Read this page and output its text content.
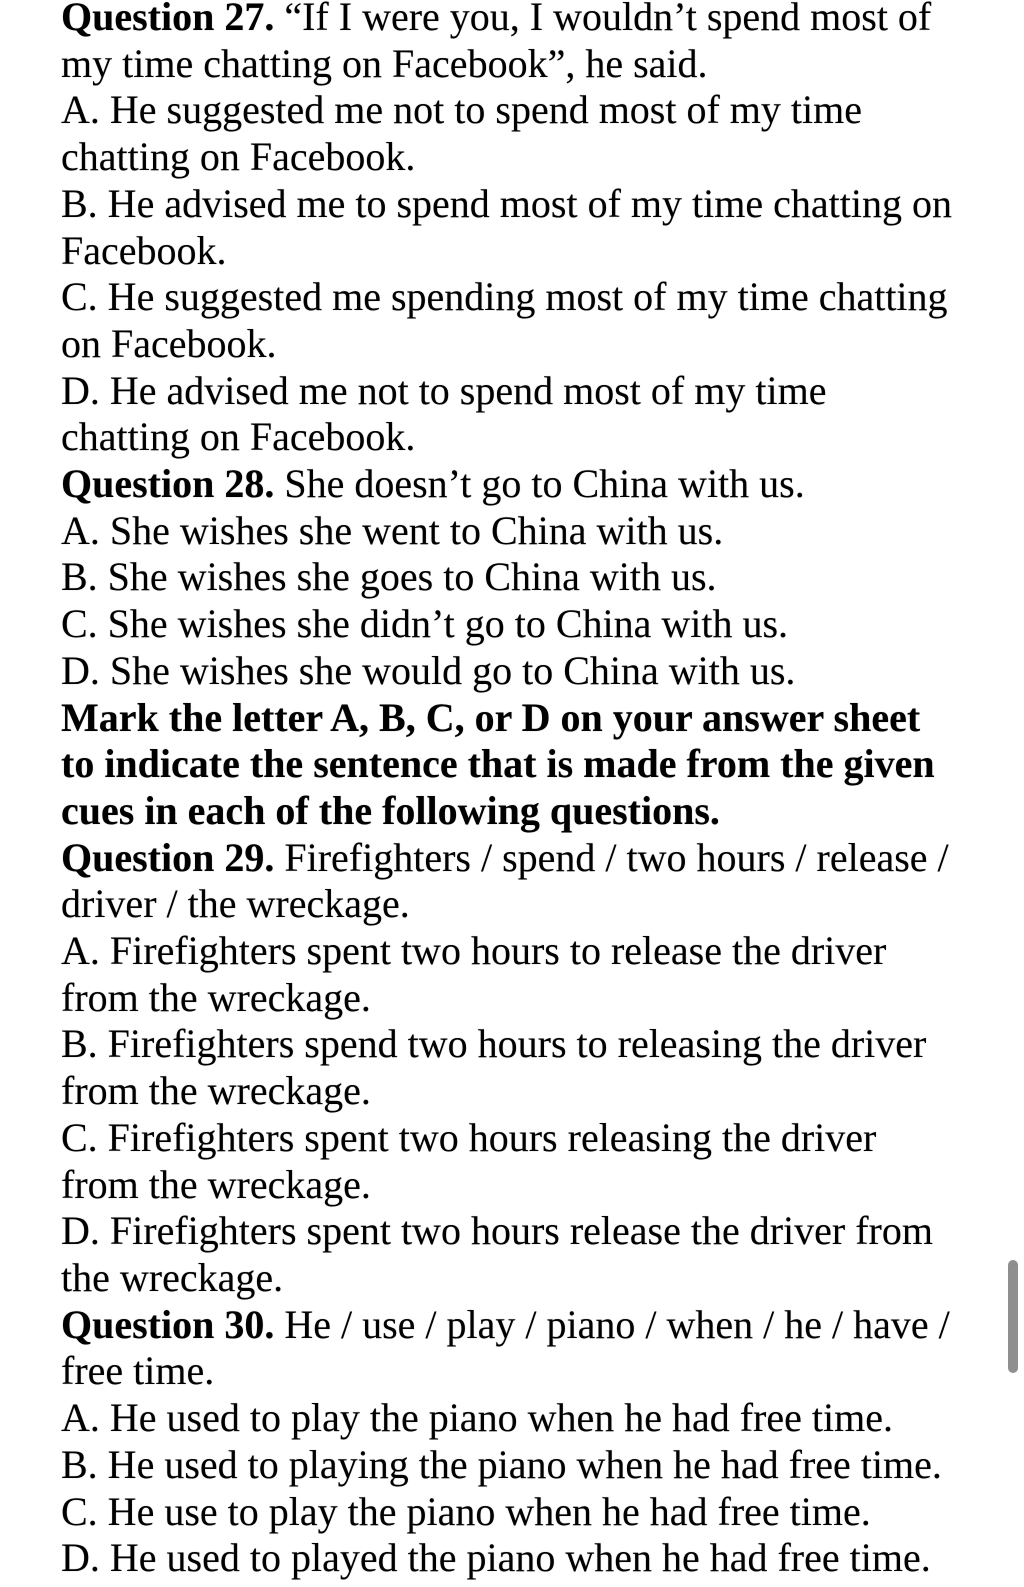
Question 27. “If I were you, I wouldn’t spend most of
my time chatting on Facebook”, he said.
A. He suggested me not to spend most of my time
chatting on Facebook.
B. He advised me to spend most of my time chatting on
Facebook.
C. He suggested me spending most of my time chatting
on Facebook.
D. He advised me not to spend most of my time
chatting on Facebook.
Question 28. She doesn’t go to China with us.
A. She wishes she went to China with us.
B. She wishes she goes to China with us.
C. She wishes she didn’t go to China with us.
D. She wishes she would go to China with us.
Mark the letter A, B, C, or D on your answer sheet
to indicate the sentence that is made from the given
cues in each of the following questions.
Question 29. Firefighters / spend / two hours / release /
driver / the wreckage.
A. Firefighters spent two hours to release the driver
from the wreckage.
B. Firefighters spend two hours to releasing the driver
from the wreckage.
C. Firefighters spent two hours releasing the driver
from the wreckage.
D. Firefighters spent two hours release the driver from
the wreckage.
Question 30. He / use / play / piano / when / he / have /
free time.
A. He used to play the piano when he had free time.
B. He used to playing the piano when he had free time.
C. He use to play the piano when he had free time.
D. He used to played the piano when he had free time.
